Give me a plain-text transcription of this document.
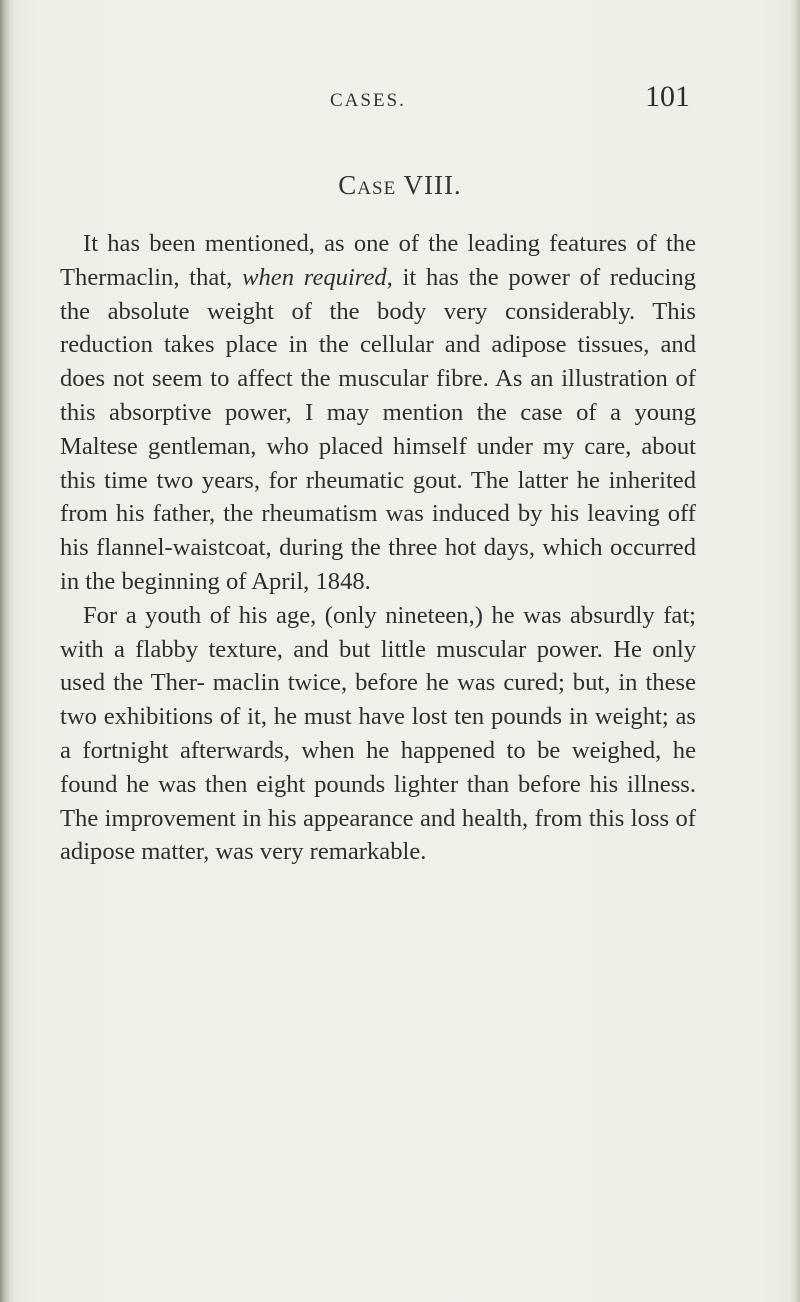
CASES.	101
Case VIII.

It has been mentioned, as one of the leading features of the Thermaclin, that, when required, it has the power of reducing the absolute weight of the body very considerably. This reduction takes place in the cellular and adipose tissues, and does not seem to affect the muscular fibre. As an illustration of this absorptive power, I may mention the case of a young Maltese gentleman, who placed himself under my care, about this time two years, for rheumatic gout. The latter he inherited from his father, the rheumatism was induced by his leaving off his flannel-waistcoat, during the three hot days, which occurred in the beginning of April, 1848.

For a youth of his age, (only nineteen,) he was absurdly fat; with a flabby texture, and but little muscular power. He only used the Ther- maclin twice, before he was cured; but, in these two exhibitions of it, he must have lost ten pounds in weight; as a fortnight afterwards, when he happened to be weighed, he found he was then eight pounds lighter than before his illness. The improvement in his appearance and health, from this loss of adipose matter, was very remarkable.
